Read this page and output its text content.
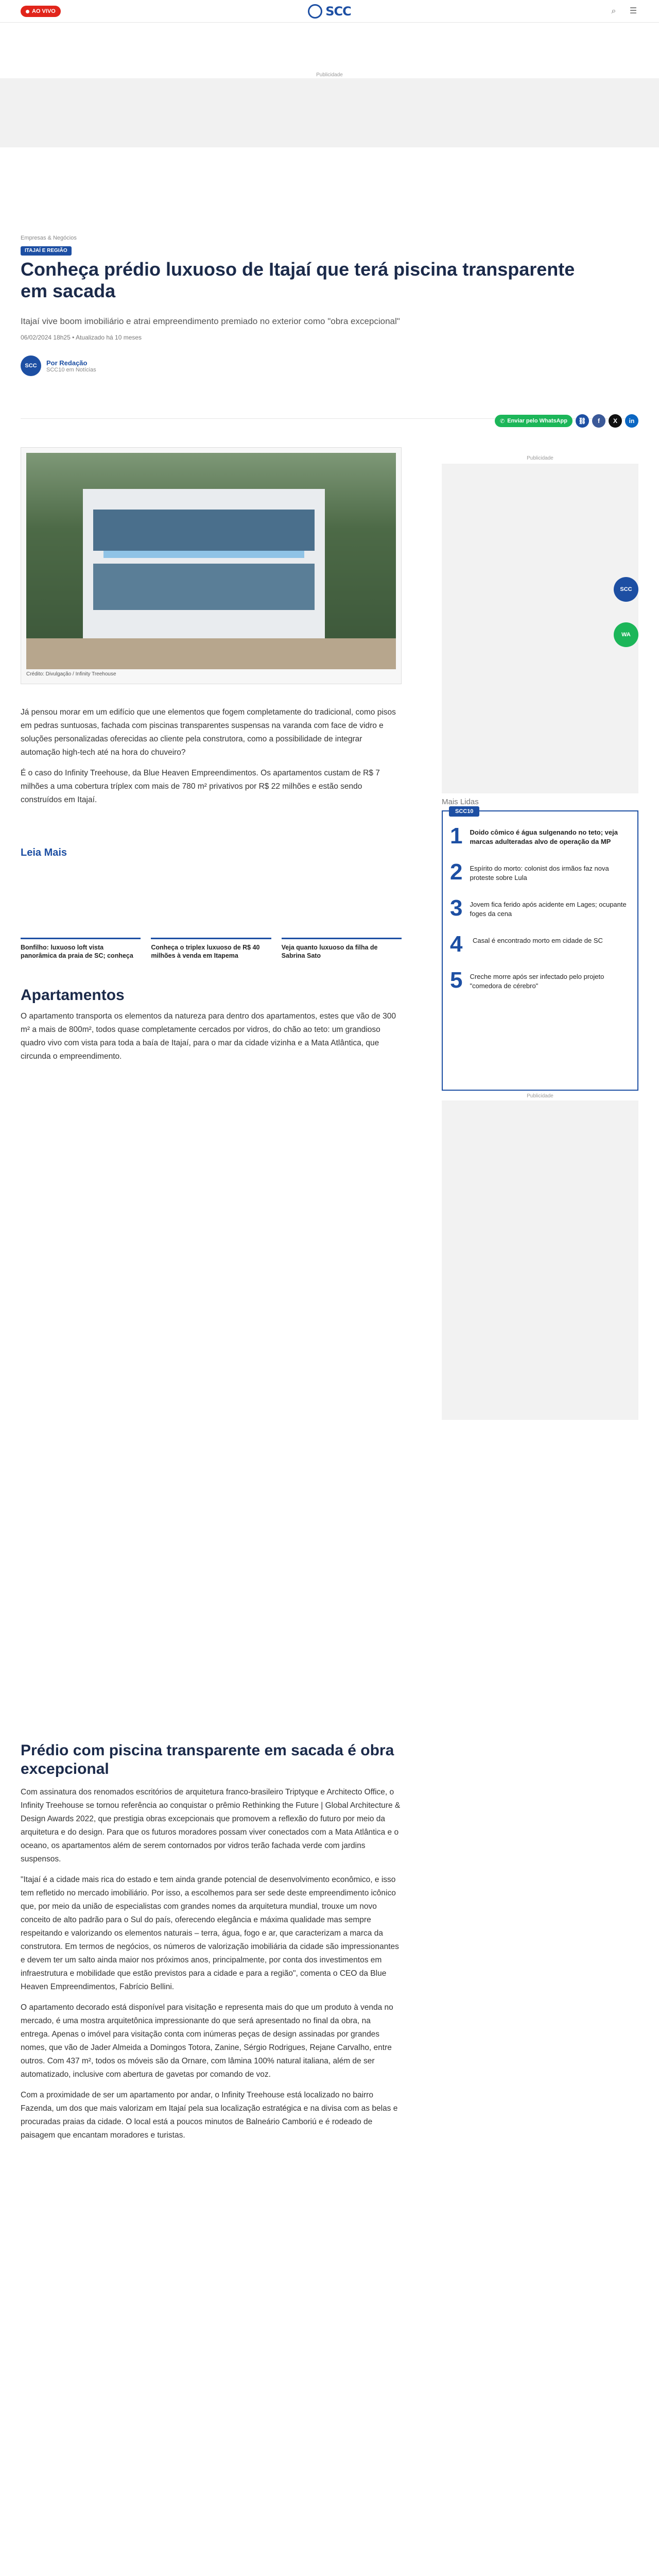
AO VIVO	SCC	⌕	☰
Publicidade
Empresas & Negócios
ITAJAÍ E REGIÃO
Conheça prédio luxuoso de Itajaí que terá piscina transparente em sacada
Itajaí vive boom imobiliário e atrai empreendimento premiado no exterior como "obra excepcional"
06/02/2024 18h25 • Atualizado há 10 meses
SCC	Por Redação
SCC10 em Notícias
✆ Enviar pelo WhatsApp	⛓	f	X	in
Crédito: Divulgação / Infinity Treehouse

Já pensou morar em um edifício que une elementos que fogem completamente do tradicional, como pisos em pedras suntuosas, fachada com piscinas transparentes suspensas na varanda com face de vidro e soluções personalizadas oferecidas ao cliente pela construtora, como a possibilidade de integrar automação high-tech até na hora do chuveiro?

É o caso do Infinity Treehouse, da Blue Heaven Empreendimentos. Os apartamentos custam de R$ 7 milhões a uma cobertura tríplex com mais de 780 m² privativos por R$ 22 milhões e estão sendo construídos em Itajaí.

Leia Mais
Bonfilho: luxuoso loft vista panorâmica da praia de SC; conheça
Conheça o triplex luxuoso de R$ 40 milhões à venda em Itapema
Veja quanto luxuoso da filha de Sabrina Sato
Apartamentos

O apartamento transporta os elementos da natureza para dentro dos apartamentos, estes que vão de 300 m² a mais de 800m², todos quase completamente cercados por vidros, do chão ao teto: um grandioso quadro vivo com vista para toda a baía de Itajaí, para o mar da cidade vizinha e a Mata Atlântica, que circunda o empreendimento.

Prédio com piscina transparente em sacada é obra excepcional

Com assinatura dos renomados escritórios de arquitetura franco-brasileiro Triptyque e Architecto Office, o Infinity Treehouse se tornou referência ao conquistar o prêmio Rethinking the Future | Global Architecture & Design Awards 2022, que prestigia obras excepcionais que promovem a reflexão do futuro por meio da arquitetura e do design. Para que os futuros moradores possam viver conectados com a Mata Atlântica e o oceano, os apartamentos além de serem contornados por vidros terão fachada verde com jardins suspensos.

"Itajaí é a cidade mais rica do estado e tem ainda grande potencial de desenvolvimento econômico, e isso tem refletido no mercado imobiliário. Por isso, a escolhemos para ser sede deste empreendimento icônico que, por meio da união de especialistas com grandes nomes da arquitetura mundial, trouxe um novo conceito de alto padrão para o Sul do país, oferecendo elegância e máxima qualidade mas sempre respeitando e valorizando os elementos naturais – terra, água, fogo e ar, que caracterizam a marca da construtora. Em termos de negócios, os números de valorização imobiliária da cidade são impressionantes e devem ter um salto ainda maior nos próximos anos, principalmente, por conta dos investimentos em infraestrutura e mobilidade que estão previstos para a cidade e para a região", comenta o CEO da Blue Heaven Empreendimentos, Fabrício Bellini.

O apartamento decorado está disponível para visitação e representa mais do que um produto à venda no mercado, é uma mostra arquitetônica impressionante do que será apresentado no final da obra, na entrega. Apenas o imóvel para visitação conta com inúmeras peças de design assinadas por grandes nomes, que vão de Jader Almeida a Domingos Totora, Zanine, Sérgio Rodrigues, Rejane Carvalho, entre outros. Com 437 m², todos os móveis são da Ornare, com lâmina 100% natural italiana, além de ser automatizado, inclusive com abertura de gavetas por comando de voz.

Com a proximidade de ser um apartamento por andar, o Infinity Treehouse está localizado no bairro Fazenda, um dos que mais valorizam em Itajaí pela sua localização estratégica e na divisa com as belas e procuradas praias da cidade. O local está a poucos minutos de Balneário Camboriú e é rodeado de paisagem que encantam moradores e turistas.

Publicidade
SCC
WA
Mais Lidas
SCC10
1 Doido cômico é água sulgenando no teto; veja marcas adulteradas alvo de operação da MP
2 Espírito do morto: colonist dos irmãos faz nova proteste sobre Lula
3 Jovem fica ferido após acidente em Lages; ocupante foges da cena
4	Casal é encontrado morto em cidade de SC
5 Creche morre após ser infectado pelo projeto "comedora de cérebro"
Publicidade
